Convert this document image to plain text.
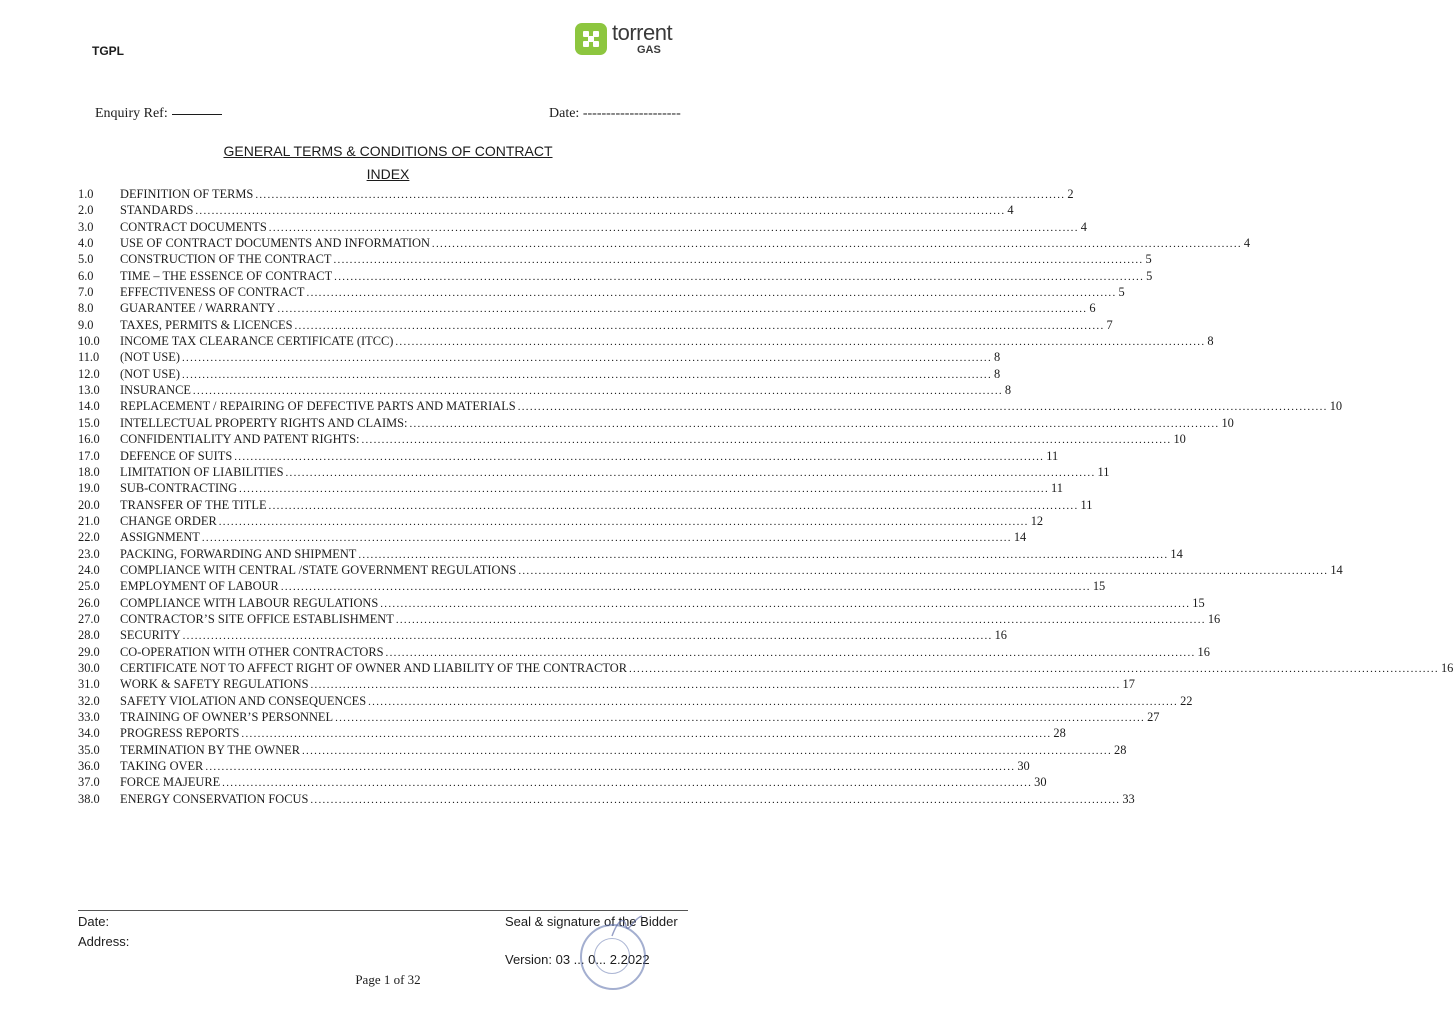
TGPL
torrent
GAS
Enquiry Ref:	Date: ---------------------
GENERAL TERMS & CONDITIONS OF CONTRACT
INDEX
1.0 DEFINITION OF TERMS ........................................................................................................................................................................................................ 2
2.0 STANDARDS ........................................................................................................................................................................................................ 4
3.0 CONTRACT DOCUMENTS ........................................................................................................................................................................................................ 4
4.0 USE OF CONTRACT DOCUMENTS AND INFORMATION ........................................................................................................................................................................................................ 4
5.0 CONSTRUCTION OF THE CONTRACT ........................................................................................................................................................................................................ 5
6.0 TIME – THE ESSENCE OF CONTRACT ........................................................................................................................................................................................................ 5
7.0 EFFECTIVENESS OF CONTRACT ........................................................................................................................................................................................................ 5
8.0 GUARANTEE / WARRANTY ........................................................................................................................................................................................................ 6
9.0 TAXES, PERMITS & LICENCES ........................................................................................................................................................................................................ 7
10.0 INCOME TAX CLEARANCE CERTIFICATE (ITCC) ........................................................................................................................................................................................................ 8
11.0 (NOT USE) ........................................................................................................................................................................................................ 8
12.0 (NOT USE) ........................................................................................................................................................................................................ 8
13.0 INSURANCE ........................................................................................................................................................................................................ 8
14.0 REPLACEMENT / REPAIRING OF DEFECTIVE PARTS AND MATERIALS ........................................................................................................................................................................................................ 10
15.0 INTELLECTUAL PROPERTY RIGHTS AND CLAIMS: ........................................................................................................................................................................................................ 10
16.0 CONFIDENTIALITY AND PATENT RIGHTS: ........................................................................................................................................................................................................ 10
17.0 DEFENCE OF SUITS ........................................................................................................................................................................................................ 11
18.0 LIMITATION OF LIABILITIES ........................................................................................................................................................................................................ 11
19.0 SUB-CONTRACTING ........................................................................................................................................................................................................ 11
20.0 TRANSFER OF THE TITLE ........................................................................................................................................................................................................ 11
21.0 CHANGE ORDER ........................................................................................................................................................................................................ 12
22.0 ASSIGNMENT ........................................................................................................................................................................................................ 14
23.0 PACKING, FORWARDING AND SHIPMENT ........................................................................................................................................................................................................ 14
24.0 COMPLIANCE WITH CENTRAL /STATE GOVERNMENT REGULATIONS ........................................................................................................................................................................................................ 14
25.0 EMPLOYMENT OF LABOUR ........................................................................................................................................................................................................ 15
26.0 COMPLIANCE WITH LABOUR REGULATIONS ........................................................................................................................................................................................................ 15
27.0 CONTRACTOR’S SITE OFFICE ESTABLISHMENT ........................................................................................................................................................................................................ 16
28.0 SECURITY ........................................................................................................................................................................................................ 16
29.0 CO-OPERATION WITH OTHER CONTRACTORS ........................................................................................................................................................................................................ 16
30.0 CERTIFICATE NOT TO AFFECT RIGHT OF OWNER AND LIABILITY OF THE CONTRACTOR ........................................................................................................................................................................................................ 16
31.0 WORK & SAFETY REGULATIONS ........................................................................................................................................................................................................ 17
32.0 SAFETY VIOLATION AND CONSEQUENCES ........................................................................................................................................................................................................ 22
33.0 TRAINING OF OWNER’S PERSONNEL ........................................................................................................................................................................................................ 27
34.0 PROGRESS REPORTS ........................................................................................................................................................................................................ 28
35.0 TERMINATION BY THE OWNER ........................................................................................................................................................................................................ 28
36.0 TAKING OVER ........................................................................................................................................................................................................ 30
37.0 FORCE MAJEURE ........................................................................................................................................................................................................ 30
38.0 ENERGY CONSERVATION FOCUS ........................................................................................................................................................................................................ 33
Date:
Address:
Seal & signature of the Bidder
Version: 03 ... 0... 2.2022
Page 1 of 32
